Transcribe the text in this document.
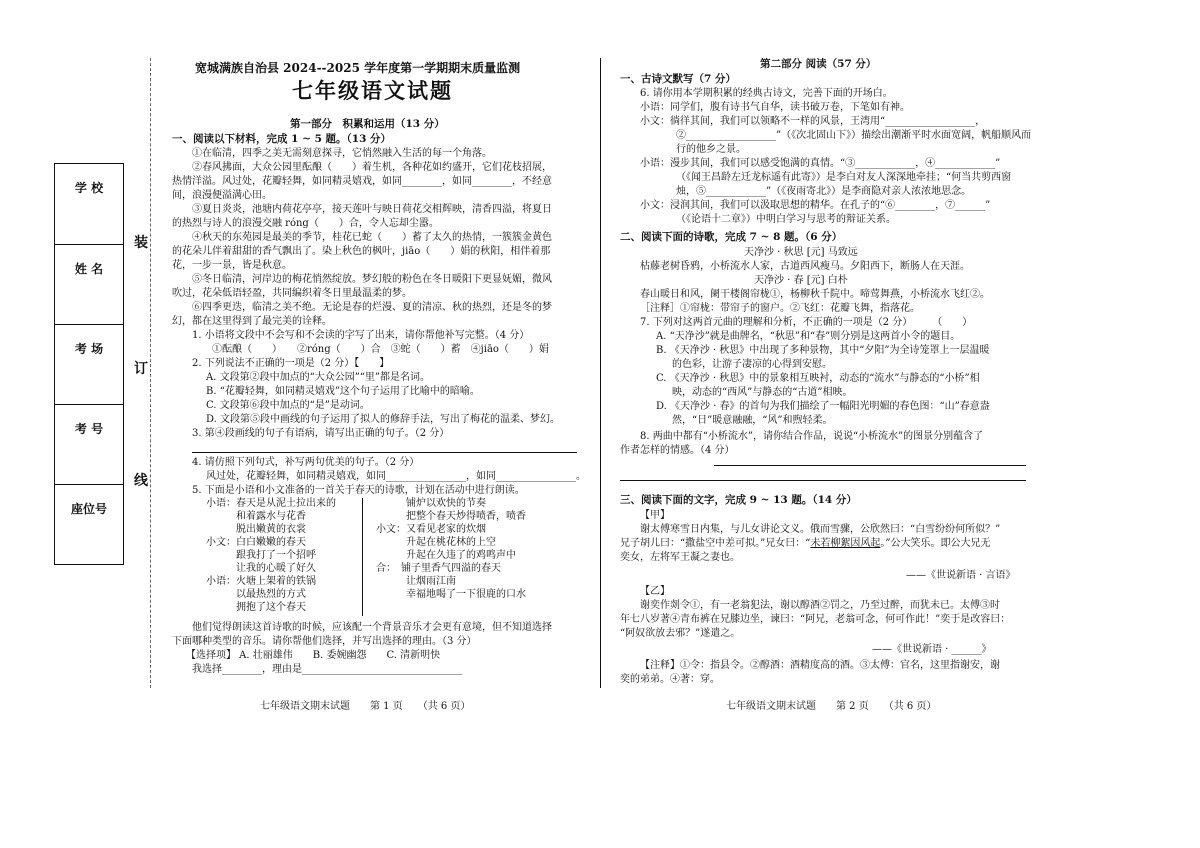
学 校
姓 名
考 场
考 号
座位号
装
订
线
宽城满族自治县 2024--2025 学年度第一学期期末质量监测
七年级语文试题
第一部分　积累和运用（13 分）
一、阅读以下材料，完成 1 ~ 5 题。（13 分）
①在临清，四季之美无需刻意探寻，它悄然融入生活的每一个角落。
②春风拂面，大众公园里酝酿（　　）着生机，各种花如约盛开，它们花枝招展，
热情洋溢。风过处，花瓣轻舞，如同精灵嬉戏，如同________，如同________，不经意
间，浪漫便溢满心田。
③夏日炎炎，池塘内荷花亭亭，接天莲叶与映日荷花交相辉映，清香四溢，将夏日
的热烈与诗人的浪漫交融 róng（　　）合，令人忘却尘嚣。
④秋天的东苑园是最美的季节，桂花已蛇（　　）蓄了太久的热情，一簇簇金黄色
的花朵儿伴着甜甜的香气飘出了。染上秋色的枫叶，jiāo（　　）娟的秋阳，相伴着那
花，一步一景，皆是秋意。
⑤冬日临清，河岸边的梅花悄然绽放。梦幻般的粉色在冬日暖阳下更显妩媚，微风
吹过，花朵低语轻盈，共同编织着冬日里最温柔的梦。
⑥四季更迭，临清之美不绝。无论是春的烂漫、夏的清凉、秋的热烈，还是冬的梦
幻，都在这里得到了最完美的诠释。
1. 小语将文段中不会写和不会读的字写了出来，请你帮他补写完整。（4 分）
①酝酿（　　）　　②róng（　　）合　③蛇（　　）蓄　④jiāo（　　）娟
2. 下列说法不正确的一项是（2 分）【　　】
A. 文段第②段中加点的“大众公园”“里”都是名词。
B. “花瓣轻舞，如同精灵嬉戏”这个句子运用了比喻中的暗喻。
C. 文段第⑥段中加点的“是”是动词。
D. 文段第⑤段中画线的句子运用了拟人的修辞手法，写出了梅花的温柔、梦幻。
3. 第④段画线的句子有语病，请写出正确的句子。（2 分）
4. 请仿照下列句式，补写两句优美的句子。（2 分）
风过处，花瓣轻舞，如同精灵嬉戏，如同________________，如同________________。
5. 下面是小语和小文准备的一首关于春天的诗歌，计划在活动中进行朗读。
小语：春天是从泥土拉出来的
　　　和着露水与花香
　　　脱出嫩黄的衣裳
小文：白白嫩嫩的春天
　　　跟我打了一个招呼
　　　让我的心暖了好久
小语：火塘上架着的铁锅
　　　以最热烈的方式
　　　拥抱了这个春天
　　　铺炉以欢快的节奏
　　　把整个春天炒得喷香，喷香
小文：又看见老家的炊烟
　　　升起在桃花林的上空
　　　升起在久违了的鸡鸣声中
合：　铺子里香气四溢的春天
　　　让烟雨江南
　　　幸福地喝了一下很鹿的口水
他们觉得朗读这首诗歌的时候，应该配一个背景音乐才会更有意境，但不知道选择
下面哪种类型的音乐。请你帮他们选择，并写出选择的理由。（3 分）
【选择项】 A. 壮丽雄伟　　B. 委婉幽怨　　C. 清新明快
我选择________，理由是________________________________
七年级语文期末试题　　第 1 页　　（共 6 页）
第二部分 阅读（57 分）
一、古诗文默写（7 分）
6. 请你用本学期积累的经典古诗文，完善下面的开场白。
小语：同学们，腹有诗书气自华，读书破万卷，下笔如有神。
小文：徜徉其间，我们可以领略不一样的风景，王湾用“__________________，
②__________________”（《次北固山下》）描绘出潮渐平时水面宽阔，帆船顺风而
行的他乡之景。
小语：漫步其间，我们可以感受饱满的真情。“③____________，④____________”
（《闻王昌龄左迁龙标遥有此寄》）是李白对友人深深地牵挂；“何当共剪西窗
烛，⑤____________”（《夜雨寄北》）是李商隐对亲人浓浓地思念。
小文：浸润其间，我们可以汲取思想的精华。在孔子的“⑥________，⑦______”
（《论语十二章》）中明白学习与思考的辩证关系。
二、阅读下面的诗歌，完成 7 ~ 8 题。（6 分）
天净沙 · 秋思 [元] 马致远
枯藤老树昏鸦，小桥流水人家，古道西风瘦马。夕阳西下，断肠人在天涯。
天净沙 · 春 [元] 白朴
春山暖日和风，阑干楼阁帘栊①，杨柳秋千院中。啼莺舞燕，小桥流水飞红②。
［注释］①帘栊：带帘子的窗户。②飞红：花瓣飞舞，指落花。
7. 下列对这两首元曲的理解和分析，不正确的一项是（2 分）　　　（　　）
A. “天净沙”就是曲牌名，“秋思”和“春”则分别是这两首小令的题目。
B. 《天净沙 · 秋思》中出现了多种景物，其中“夕阳”为全诗笼罩上一层温暖
的色彩，让游子凄凉的心得到安慰。
C. 《天净沙 · 秋思》中的景象相互映衬，动态的“流水”与静态的“小桥”相
映，动态的“西风”与静态的“古道”相映。
D. 《天净沙 · 春》的首句为我们描绘了一幅阳光明媚的春色图：“山”春意盎
然，“日”暖意融融，“风”和煦轻柔。
8. 两曲中都有“小桥流水”，请你结合作品，说说“小桥流水”的图景分别蕴含了
作者怎样的情感。（4 分）
三、阅读下面的文字，完成 9 ~ 13 题。（14 分）
【甲】
谢太傅寒雪日内集，与儿女讲论文义。俄而雪骤，公欣然曰：“白雪纷纷何所似？”
兄子胡儿曰：“撒盐空中差可拟。”兄女曰：“未若柳絮因风起。”公大笑乐。即公大兄无
奕女，左将军王凝之妻也。
——《世说新语 · 言语》
【乙】
谢奕作剡令①，有一老翁犯法，谢以醇酒②罚之，乃至过醉，而犹未已。太傅③时
年七八岁著④青布裤在兄膝边坐，谏曰：“阿兄，老翁可念，何可作此！”奕于是改容曰：
“阿奴欲放去邪？”遂遣之。
——《世说新语 · ______》
【注释】①令：指县令。②醇酒：酒精度高的酒。③太傅：官名，这里指谢安，谢
奕的弟弟。④著：穿。
七年级语文期末试题　　第 2 页　　（共 6 页）
